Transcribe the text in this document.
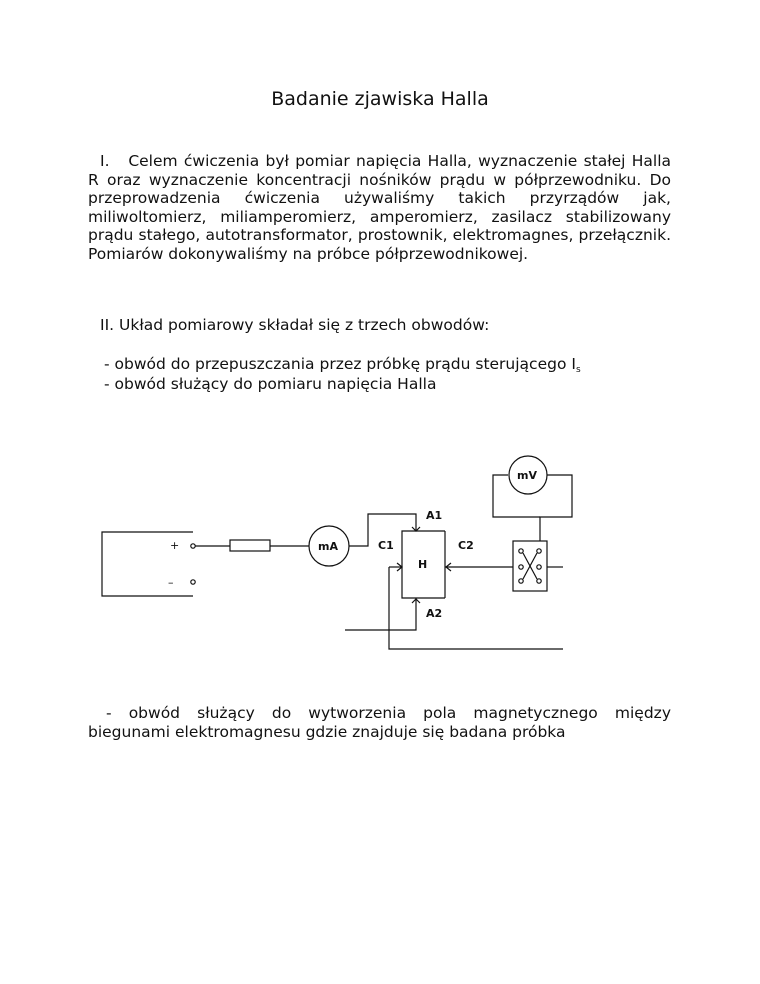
Badanie zjawiska Halla

I. Celem ćwiczenia był pomiar napięcia Halla, wyznaczenie stałej Halla R oraz wyznaczenie koncentracji nośników prądu w półprzewodniku. Do przeprowadzenia ćwiczenia używaliśmy takich przyrządów jak, miliwoltomierz, miliamperomierz, amperomierz, zasilacz stabilizowany prądu stałego, autotransformator, prostownik, elektromagnes, przełącznik. Pomiarów dokonywaliśmy na próbce półprzewodnikowej.

II. Układ pomiarowy składał się z trzech obwodów:

- obwód do przepuszczania przez próbkę prądu sterującego $I_s$

- obwód służący do pomiaru napięcia Halla

mA
mV
H
C1	C2
A1
A2
+
–

- obwód służący do wytworzenia pola magnetycznego między
biegunami elektromagnesu gdzie znajduje się badana próbka
